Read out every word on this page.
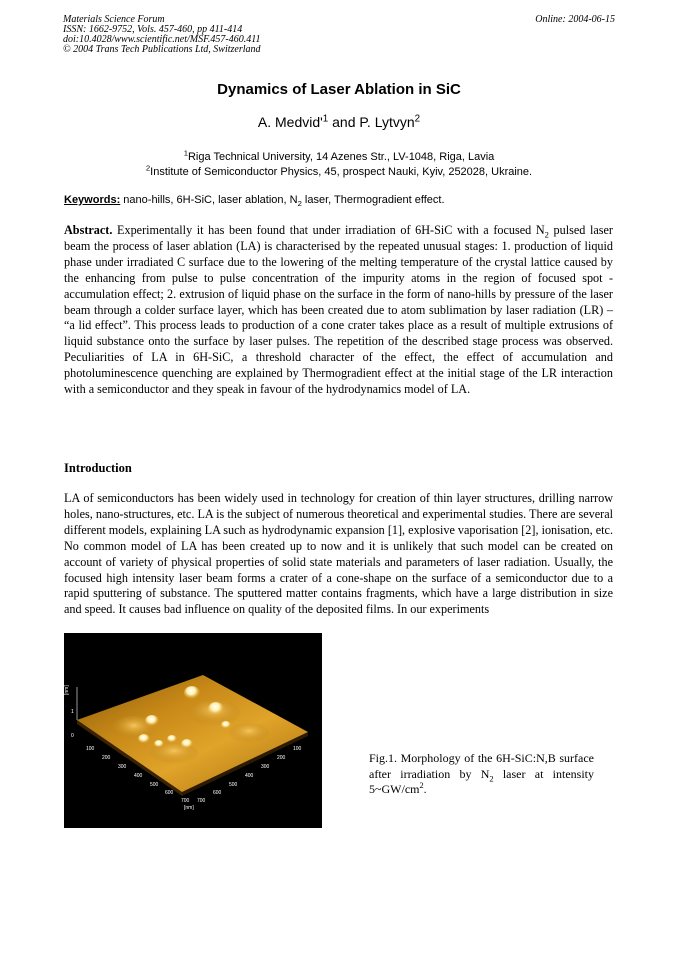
Materials Science Forum
ISSN: 1662-9752, Vols. 457-460, pp 411-414
doi:10.4028/www.scientific.net/MSF.457-460.411
© 2004 Trans Tech Publications Ltd, Switzerland
Online: 2004-06-15
Dynamics of Laser Ablation in SiC
A. $Medvid'^1$ and P. Lytvyn$^2$
$^1$Riga Technical University, 14 Azenes Str., LV-1048, Riga, Lavia
$^2$Institute of Semiconductor Physics, 45, prospect Nauki, Kyiv, 252028, Ukraine.
Keywords: nano-hills, 6H-SiC, laser ablation, $N_2$ laser, Thermogradient effect.
Abstract. Experimentally it has been found that under irradiation of 6H-SiC with a focused $N_2$ pulsed laser beam the process of laser ablation (LA) is characterised by the repeated unusual stages: 1. production of liquid phase under irradiated C surface due to the lowering of the melting temperature of the crystal lattice caused by the enhancing from pulse to pulse concentration of the impurity atoms in the region of focused spot - accumulation effect; 2. extrusion of liquid phase on the surface in the form of nano-hills by pressure of the laser beam through a colder surface layer, which has been created due to atom sublimation by laser radiation (LR) – “a lid effect”. This process leads to production of a cone crater takes place as a result of multiple extrusions of liquid substance onto the surface by laser pulses. The repetition of the described stage process was observed. Peculiarities of LA in 6H-SiC, a threshold character of the effect, the effect of accumulation and photoluminescence quenching are explained by Thermogradient effect at the initial stage of the LR interaction with a semiconductor and they speak in favour of the hydrodynamics model of LA.
Introduction
LA of semiconductors has been widely used in technology for creation of thin layer structures, drilling narrow holes, nano-structures, etc. LA is the subject of numerous theoretical and experimental studies. There are several different models, explaining LA such as hydrodynamic expansion [1], explosive vaporisation [2], ionisation, etc. No common model of LA has been created up to now and it is unlikely that such model can be created on account of variety of physical properties of solid state materials and parameters of laser radiation. Usually, the focused high intensity laser beam forms a crater of a cone-shape on the surface of a semiconductor due to a rapid sputtering of substance. The sputtered matter contains fragments, which have a large distribution in size and speed. It causes bad influence on quality of the deposited films. In our experiments
[nm]
1
0
100
200
300
400
500
600
700
100
200
300
400
500
600
700
[nm]
Fig.1. Morphology of the 6H-SiC:N,B surface after irradiation by $N_2$ laser at intensity $5\sim GW/cm^2$.
